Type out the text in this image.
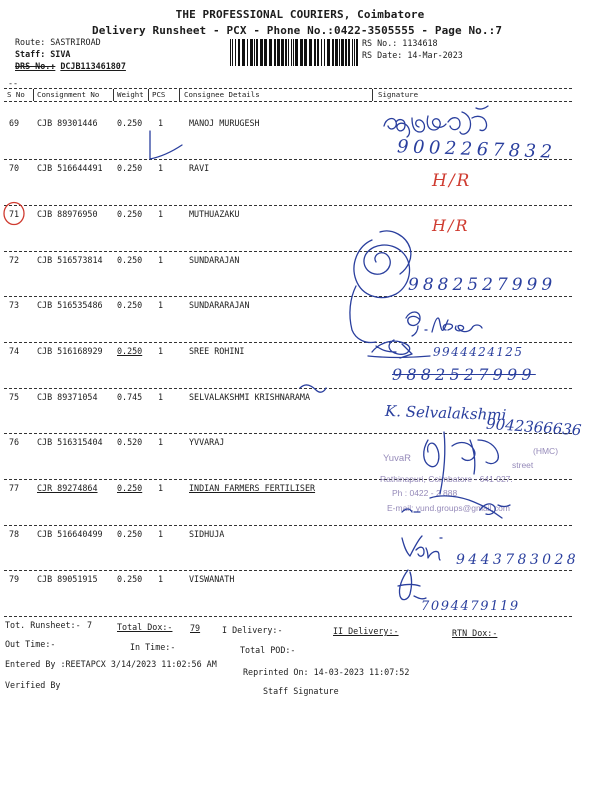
THE PROFESSIONAL COURIERS, Coimbatore
Delivery Runsheet - PCX - Phone No.:0422-3505555 - Page No.:7
Route: SASTRIROAD
Staff: SIVA
DRS No.: DCJB113461807
RS No.: 1134618
RS Date: 14-Mar-2023
--
S No Consignment No Weight PCS	Consignee Details	Signature
69 CJB 89301446 0.250 1	MANOJ MURUGESH
70 CJB 516644491 0.250 1	RAVI
71 CJB 88976950 0.250 1	MUTHUAZAKU
72 CJB 516573814 0.250 1	SUNDARAJAN
73 CJB 516535486 0.250 1	SUNDARARAJAN
74 CJB 516168929 0.250 1	SREE ROHINI
75 CJB 89371054 0.745 1	SELVALAKSHMI KRISHNARAMA
76 CJB 516315404 0.520 1	YVVARAJ
77 CJR 89274864 0.250 1	INDIAN FARMERS FERTILISER
78 CJB 516640499 0.250 1	SIDHUJA
79 CJB 89051915 0.250 1	VISWANATH
YuvaR
(HMC)
street
Rathinapuri, Coimbatore - 641 027.
Ph : 0422 - 2 888
E-mail: yund.groups@gmail.com
9002267832
H/R
H/R
9882527999
9944424125
9882527999
K. Selvalakshmi
9042366636
9443783028
7094479119
Tot. Runsheet:- 7	Total Dox:- 79	I Delivery:-	II Delivery:-	RTN Dox:-
Out Time:-	In Time:-	Total POD:-
Entered By :REETAPCX 3/14/2023 11:02:56 AM
Reprinted On: 14-03-2023 11:07:52
Verified By
Staff Signature
